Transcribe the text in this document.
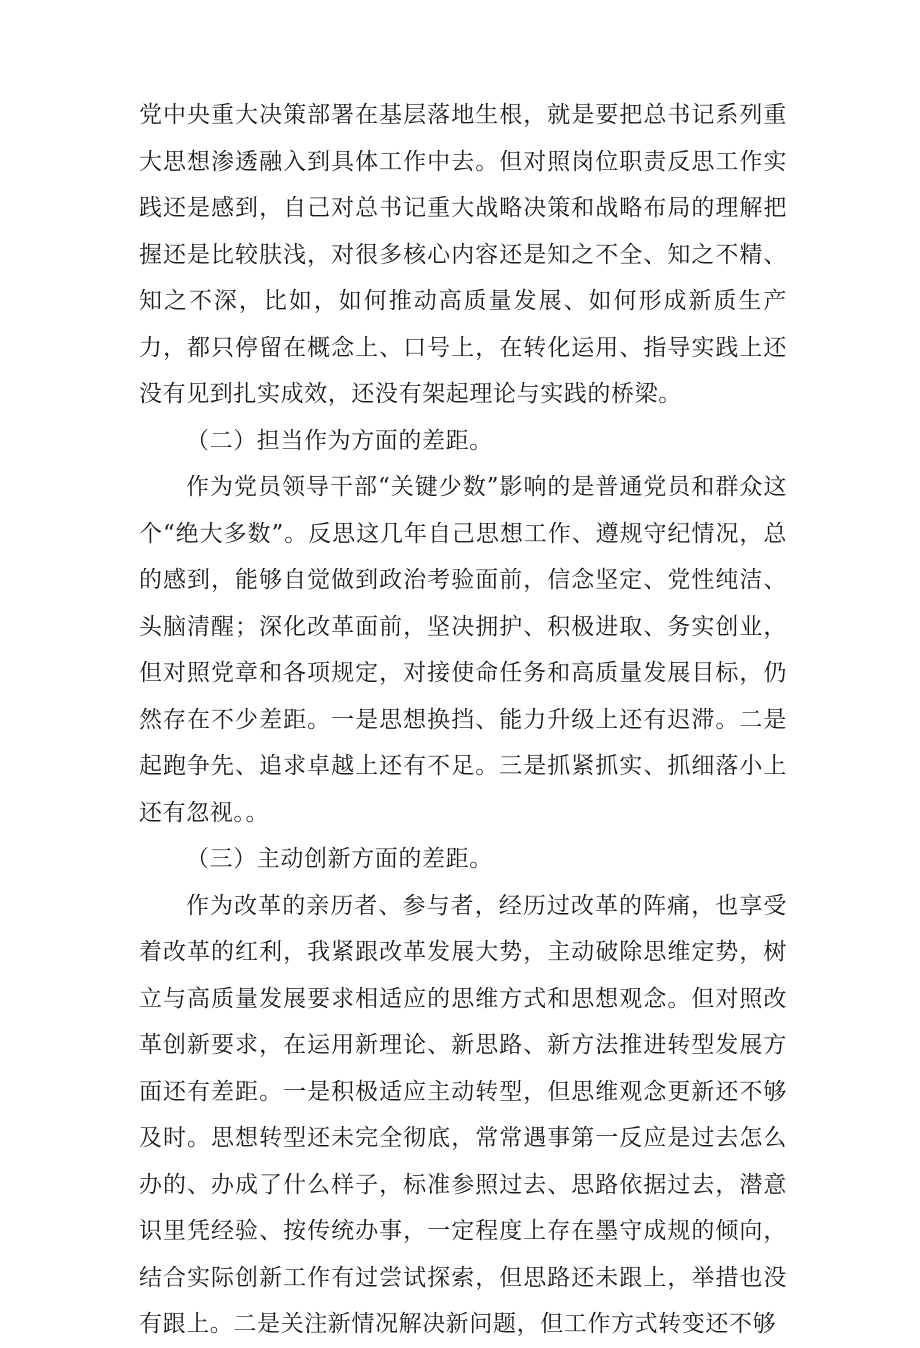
党中央重大决策部署在基层落地生根，就是要把总书记系列重大思想渗透融入到具体工作中去。但对照岗位职责反思工作实践还是感到，自己对总书记重大战略决策和战略布局的理解把握还是比较肤浅，对很多核心内容还是知之不全、知之不精、知之不深，比如，如何推动高质量发展、如何形成新质生产力，都只停留在概念上、口号上，在转化运用、指导实践上还没有见到扎实成效，还没有架起理论与实践的桥梁。

（二）担当作为方面的差距。

作为党员领导干部“关键少数”影响的是普通党员和群众这个“绝大多数”。反思这几年自己思想工作、遵规守纪情况，总的感到，能够自觉做到政治考验面前，信念坚定、党性纯洁、头脑清醒；深化改革面前，坚决拥护、积极进取、务实创业，但对照党章和各项规定，对接使命任务和高质量发展目标，仍然存在不少差距。一是思想换挡、能力升级上还有迟滞。二是起跑争先、追求卓越上还有不足。三是抓紧抓实、抓细落小上还有忽视。。

（三）主动创新方面的差距。

作为改革的亲历者、参与者，经历过改革的阵痛，也享受着改革的红利，我紧跟改革发展大势，主动破除思维定势，树立与高质量发展要求相适应的思维方式和思想观念。但对照改革创新要求，在运用新理论、新思路、新方法推进转型发展方面还有差距。一是积极适应主动转型，但思维观念更新还不够及时。思想转型还未完全彻底，常常遇事第一反应是过去怎么办的、办成了什么样子，标准参照过去、思路依据过去，潜意识里凭经验、按传统办事，一定程度上存在墨守成规的倾向，结合实际创新工作有过尝试探索，但思路还未跟上，举措也没有跟上。二是关注新情况解决新问题，但工作方式转变还不够
